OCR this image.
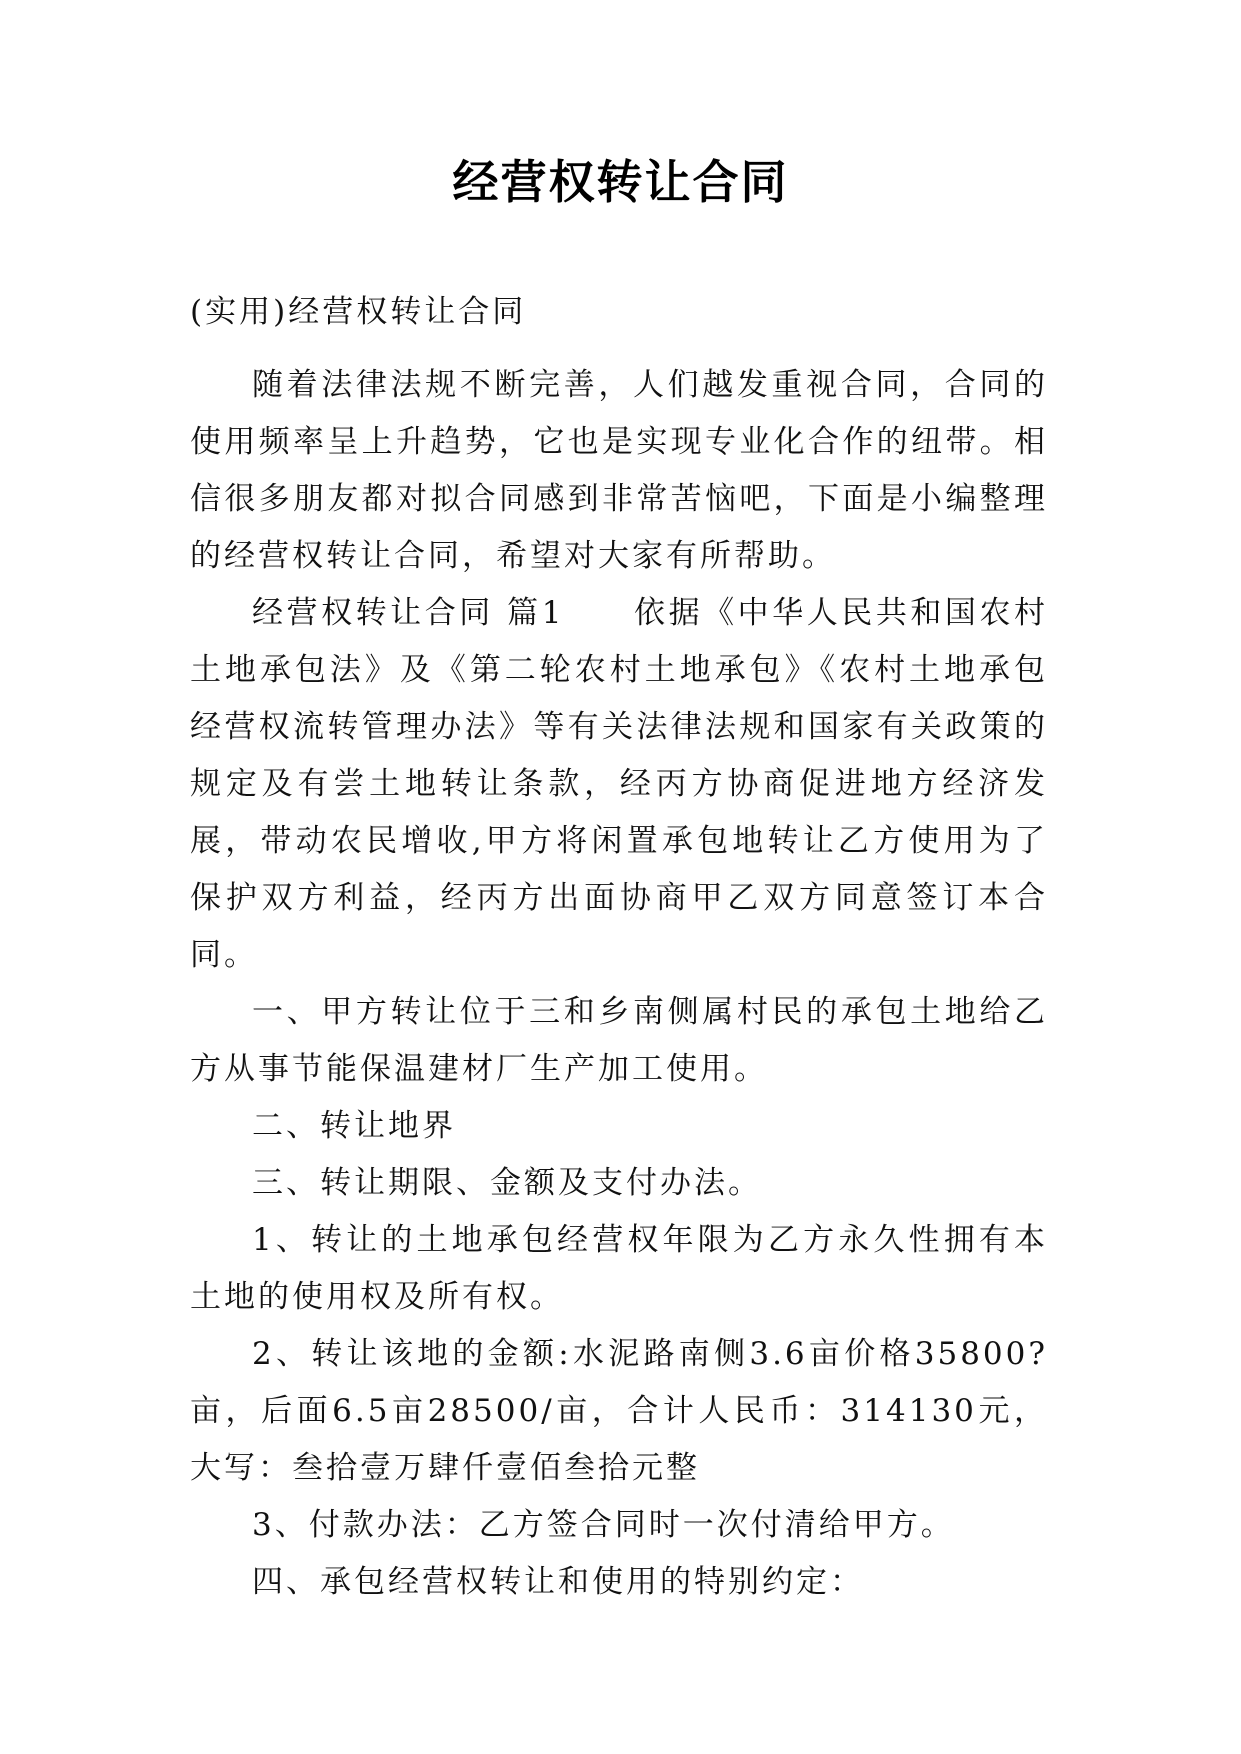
经营权转让合同

(实用)经营权转让合同

随着法律法规不断完善，人们越发重视合同，合同的使用频率呈上升趋势，它也是实现专业化合作的纽带。相信很多朋友都对拟合同感到非常苦恼吧，下面是小编整理的经营权转让合同，希望对大家有所帮助。

经营权转让合同 篇1　　依据《中华人民共和国农村土地承包法》及《第二轮农村土地承包》《农村土地承包经营权流转管理办法》等有关法律法规和国家有关政策的规定及有尝土地转让条款，经丙方协商促进地方经济发展，带动农民增收,甲方将闲置承包地转让乙方使用为了保护双方利益，经丙方出面协商甲乙双方同意签订本合同。

一、甲方转让位于三和乡南侧属村民的承包土地给乙方从事节能保温建材厂生产加工使用。

二、转让地界

三、转让期限、金额及支付办法。

1、转让的土地承包经营权年限为乙方永久性拥有本土地的使用权及所有权。

2、转让该地的金额:水泥路南侧3.6亩价格35800?亩，后面6.5亩28500/亩，合计人民币：314130元，大写：叁拾壹万肆仟壹佰叁拾元整

3、付款办法：乙方签合同时一次付清给甲方。

四、承包经营权转让和使用的特别约定：
